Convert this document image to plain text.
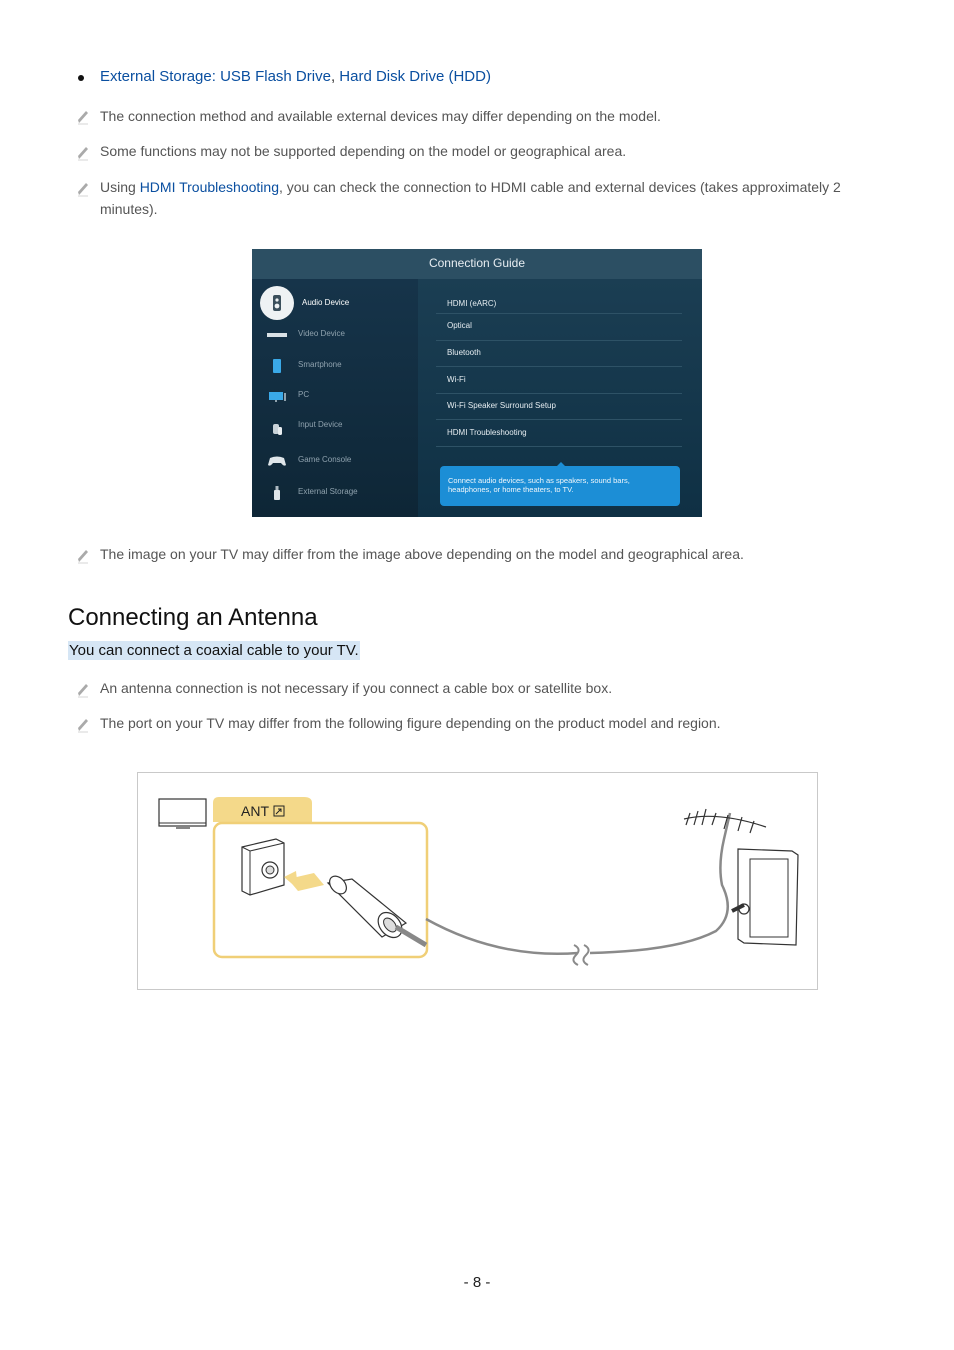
External Storage: USB Flash Drive, Hard Disk Drive (HDD)
The connection method and available external devices may differ depending on the model.
Some functions may not be supported depending on the model or geographical area.
Using HDMI Troubleshooting, you can check the connection to HDMI cable and external devices (takes approximately 2 minutes).
Connection Guide
Audio Device
Video Device
Smartphone
PC
Input Device
Game Console
External Storage
HDMI (eARC)
Optical
Bluetooth
Wi-Fi
Wi-Fi Speaker Surround Setup
HDMI Troubleshooting
Connect audio devices, such as speakers, sound bars, headphones, or home theaters, to TV.
The image on your TV may differ from the image above depending on the model and geographical area.
Connecting an Antenna
You can connect a coaxial cable to your TV.
An antenna connection is not necessary if you connect a cable box or satellite box.
The port on your TV may differ from the following figure depending on the product model and region.
ANT
- 8 -
